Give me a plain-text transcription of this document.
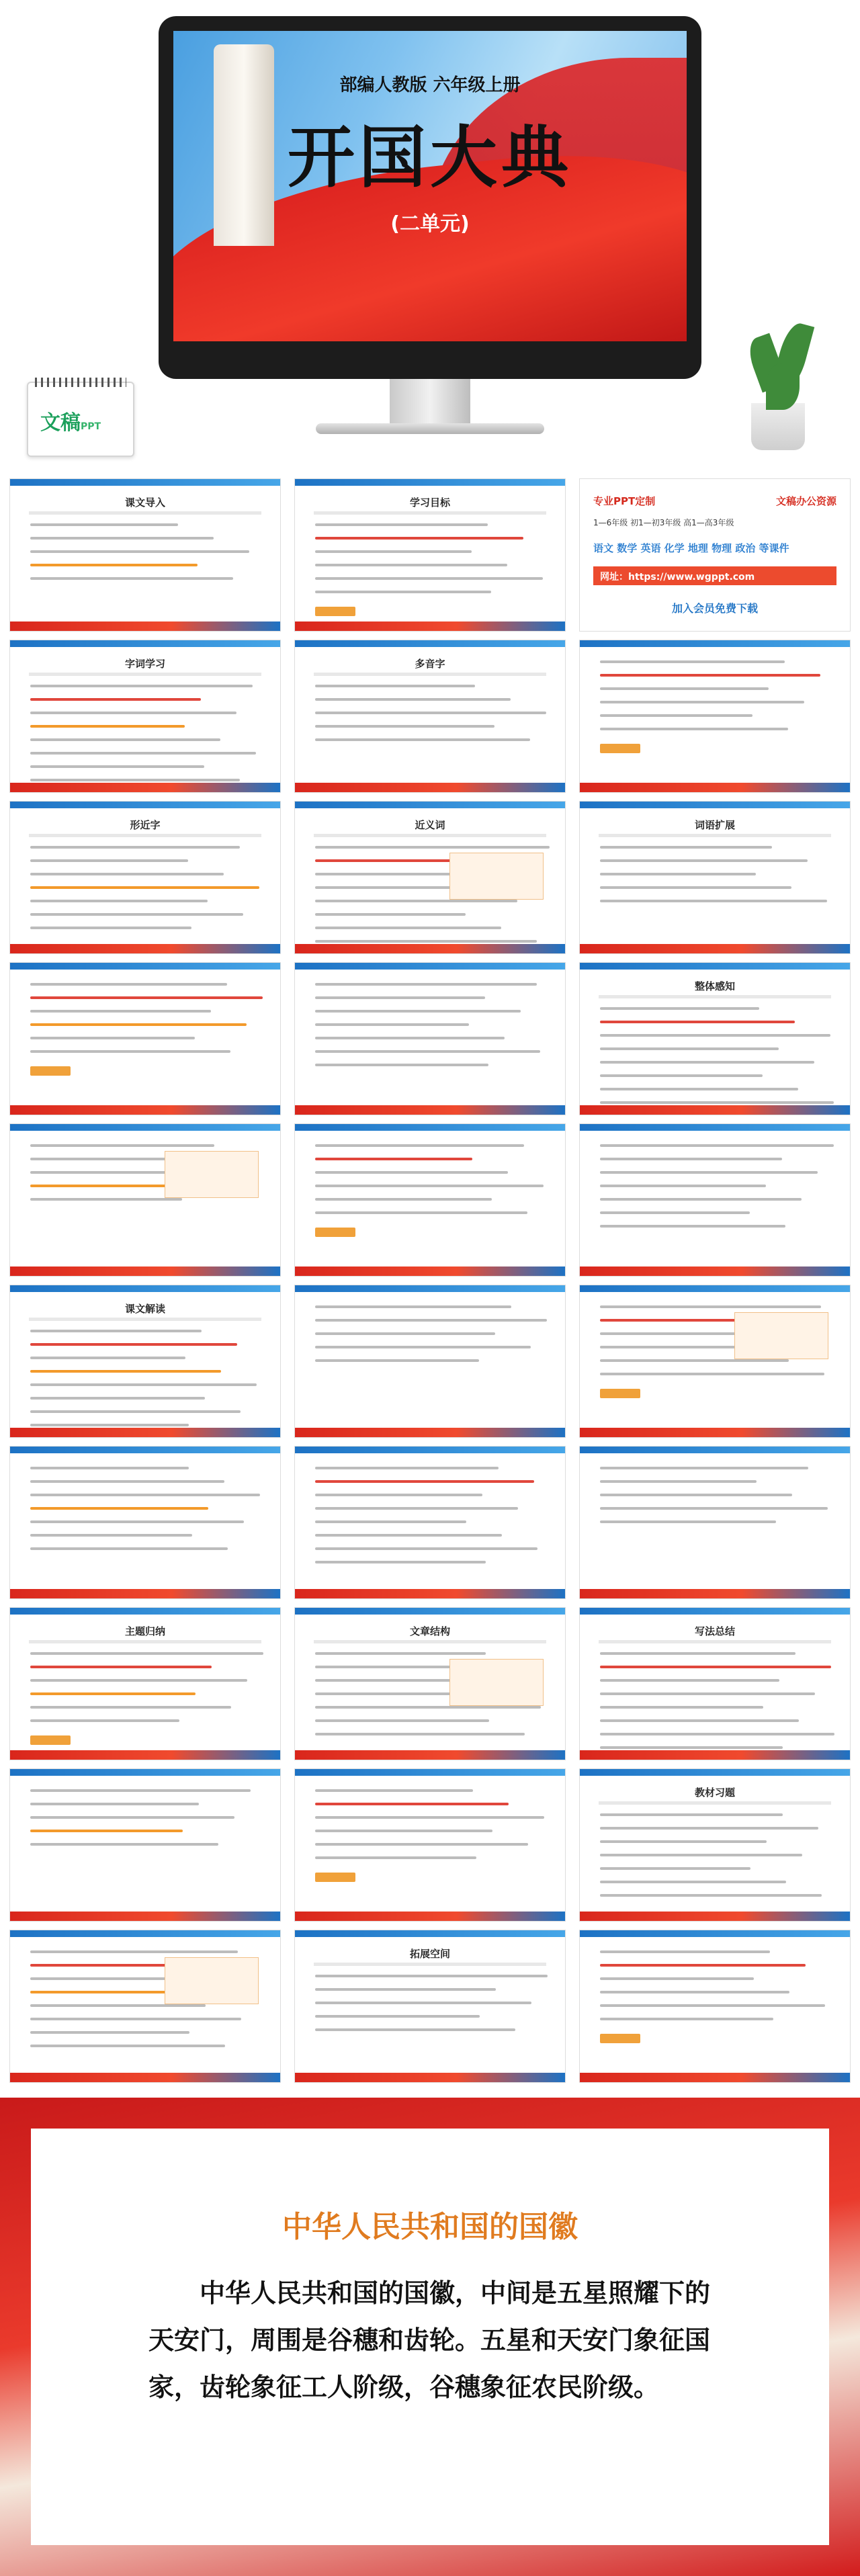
部编人教版 六年级上册
开国大典
(二单元)
文稿PPT
课文导入	学习目标	专业PPT定制	文稿办公资源
1—6年级 初1—初3年级 高1—高3年级
语文 数学 英语 化学 地理 物理 政治 等课件
网址：https://www.wgppt.com
加入会员免费下载
字词学习	多音字
形近字	近义词	词语扩展
整体感知
课文解读
主题归纳	文章结构	写法总结
教材习题
拓展空间
中华人民共和国的国徽
中华人民共和国的国徽，中间是五星照耀下的天安门，周围是谷穗和齿轮。五星和天安门象征国家，齿轮象征工人阶级，谷穗象征农民阶级。
